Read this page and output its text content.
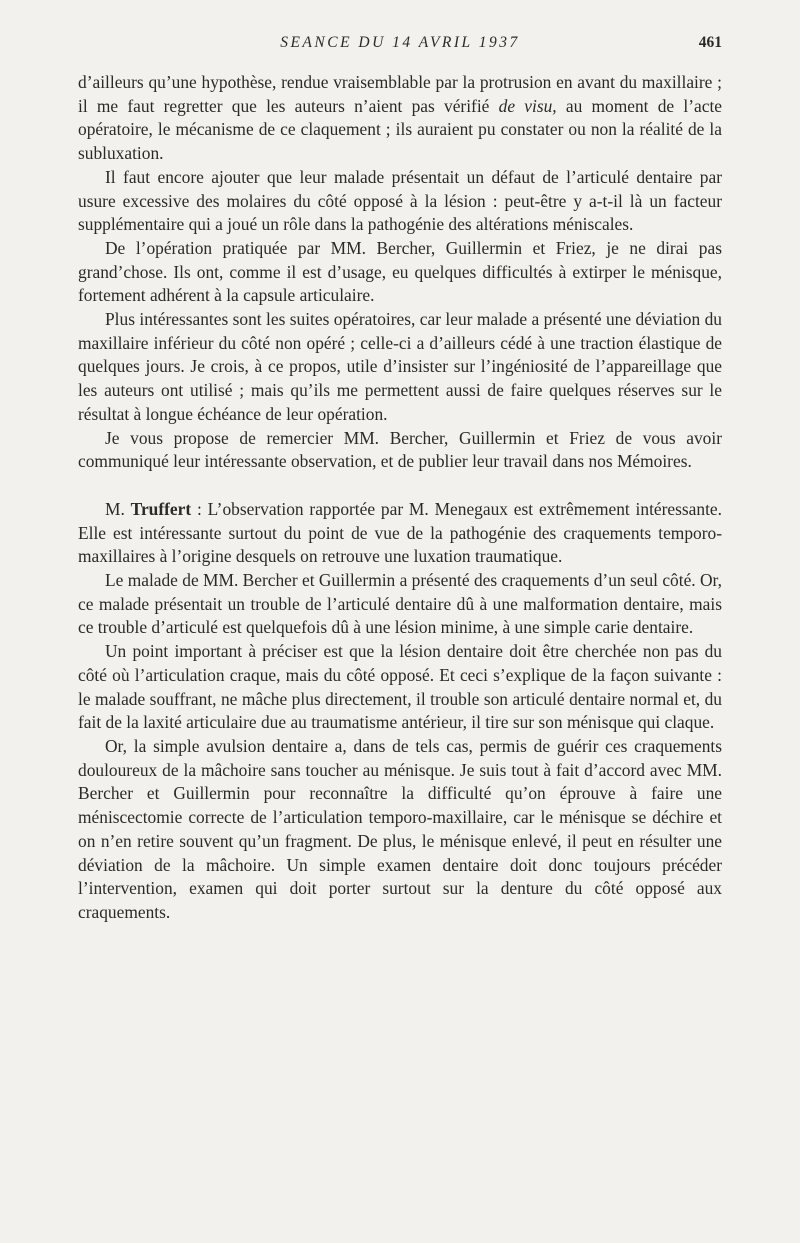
SEANCE DU 14 AVRIL 1937	461

d’ailleurs qu’une hypothèse, rendue vraisemblable par la protrusion en avant du maxillaire ; il me faut regretter que les auteurs n’aient pas vérifié de visu, au moment de l’acte opératoire, le mécanisme de ce claquement ; ils auraient pu constater ou non la réalité de la subluxation.

Il faut encore ajouter que leur malade présentait un défaut de l’articulé dentaire par usure excessive des molaires du côté opposé à la lésion : peut-être y a-t-il là un facteur supplémentaire qui a joué un rôle dans la pathogénie des altérations méniscales.

De l’opération pratiquée par MM. Bercher, Guillermin et Friez, je ne dirai pas grand’chose. Ils ont, comme il est d’usage, eu quelques difficultés à extirper le ménisque, fortement adhérent à la capsule articulaire.

Plus intéressantes sont les suites opératoires, car leur malade a présenté une déviation du maxillaire inférieur du côté non opéré ; celle-ci a d’ailleurs cédé à une traction élastique de quelques jours. Je crois, à ce propos, utile d’insister sur l’ingéniosité de l’appareillage que les auteurs ont utilisé ; mais qu’ils me permettent aussi de faire quelques réserves sur le résultat à longue échéance de leur opération.

Je vous propose de remercier MM. Bercher, Guillermin et Friez de vous avoir communiqué leur intéressante observation, et de publier leur travail dans nos Mémoires.

M. Truffert : L’observation rapportée par M. Menegaux est extrêmement intéressante. Elle est intéressante surtout du point de vue de la pathogénie des craquements temporo-maxillaires à l’origine desquels on retrouve une luxation traumatique.

Le malade de MM. Bercher et Guillermin a présenté des craquements d’un seul côté. Or, ce malade présentait un trouble de l’articulé dentaire dû à une malformation dentaire, mais ce trouble d’articulé est quelquefois dû à une lésion minime, à une simple carie dentaire.

Un point important à préciser est que la lésion dentaire doit être cherchée non pas du côté où l’articulation craque, mais du côté opposé. Et ceci s’explique de la façon suivante : le malade souffrant, ne mâche plus directement, il trouble son articulé dentaire normal et, du fait de la laxité articulaire due au traumatisme antérieur, il tire sur son ménisque qui claque.

Or, la simple avulsion dentaire a, dans de tels cas, permis de guérir ces craquements douloureux de la mâchoire sans toucher au ménisque. Je suis tout à fait d’accord avec MM. Bercher et Guillermin pour reconnaître la difficulté qu’on éprouve à faire une méniscectomie correcte de l’articulation temporo-maxillaire, car le ménisque se déchire et on n’en retire souvent qu’un fragment. De plus, le ménisque enlevé, il peut en résulter une déviation de la mâchoire. Un simple examen dentaire doit donc toujours précéder l’intervention, examen qui doit porter surtout sur la denture du côté opposé aux craquements.
